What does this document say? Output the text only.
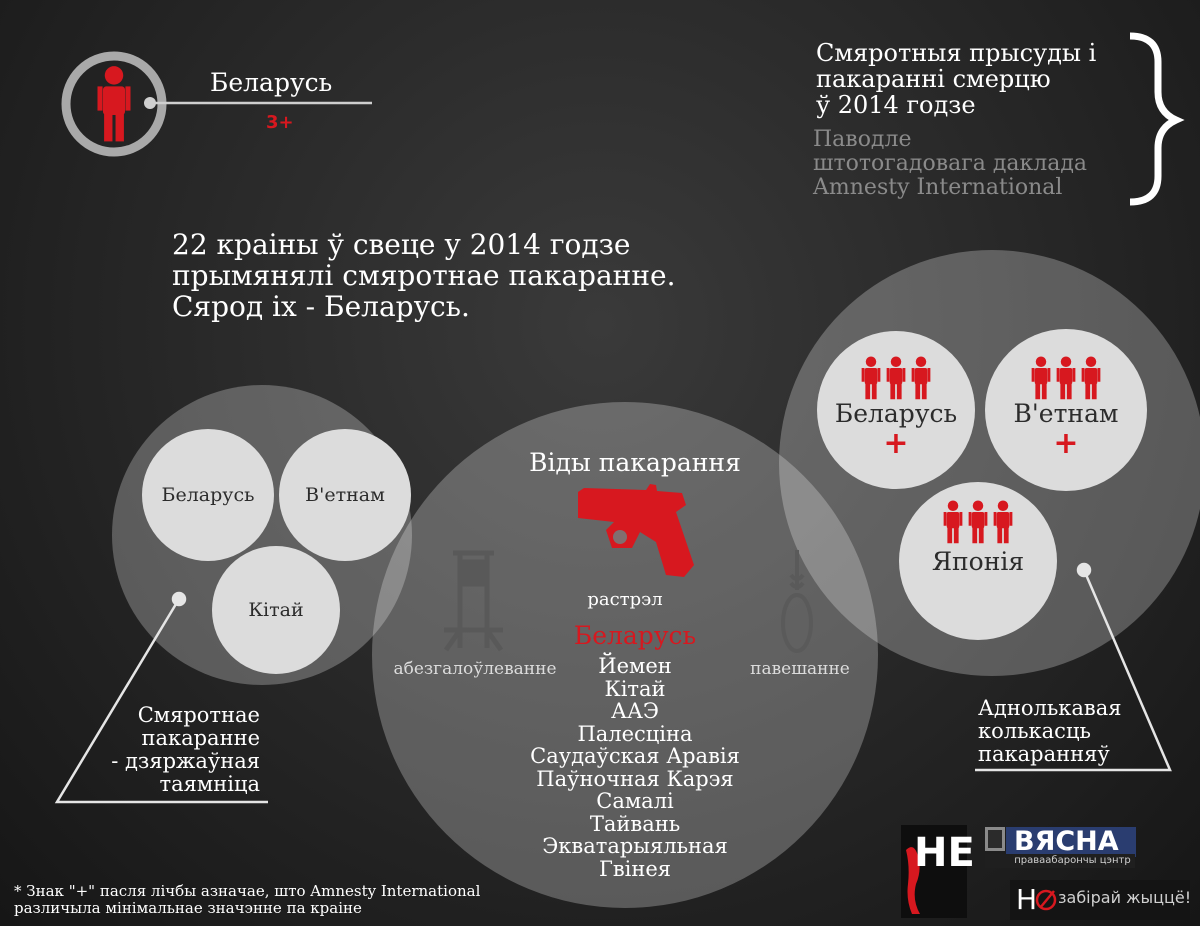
Беларусь
3+
Смяротныя прысуды і
пакаранні смерцю
ў 2014 годзе
Паводле
штотогадовага даклада
Amnesty International
22 краіны ў свеце у 2014 годзе
прымянялі смяротнае пакаранне.
Сярод іх - Беларусь.
Беларусь	В'етнам
Кітай
Смяротнае
пакаранне
- дзяржаўная
таямніца
Віды пакарання
растрэл
абезгалоўлеванне	павешанне
Беларусь
Йемен
Кітай
ААЭ
Палесціна
Саудаўская Аравія
Паўночная Карэя
Самалі
Тайвань
Экватарыяльная
Гвінея
Беларусь
+
В'етнам
+
Японія
Аднолькавая
колькасць
пакаранняў
* Знак "+" пасля лічбы азначае, што Amnesty International
различыла мінімальнае значэнне па краіне
НЕ ВЯСНА
праваабарончы цэнтр
Н забірай жыццё!
